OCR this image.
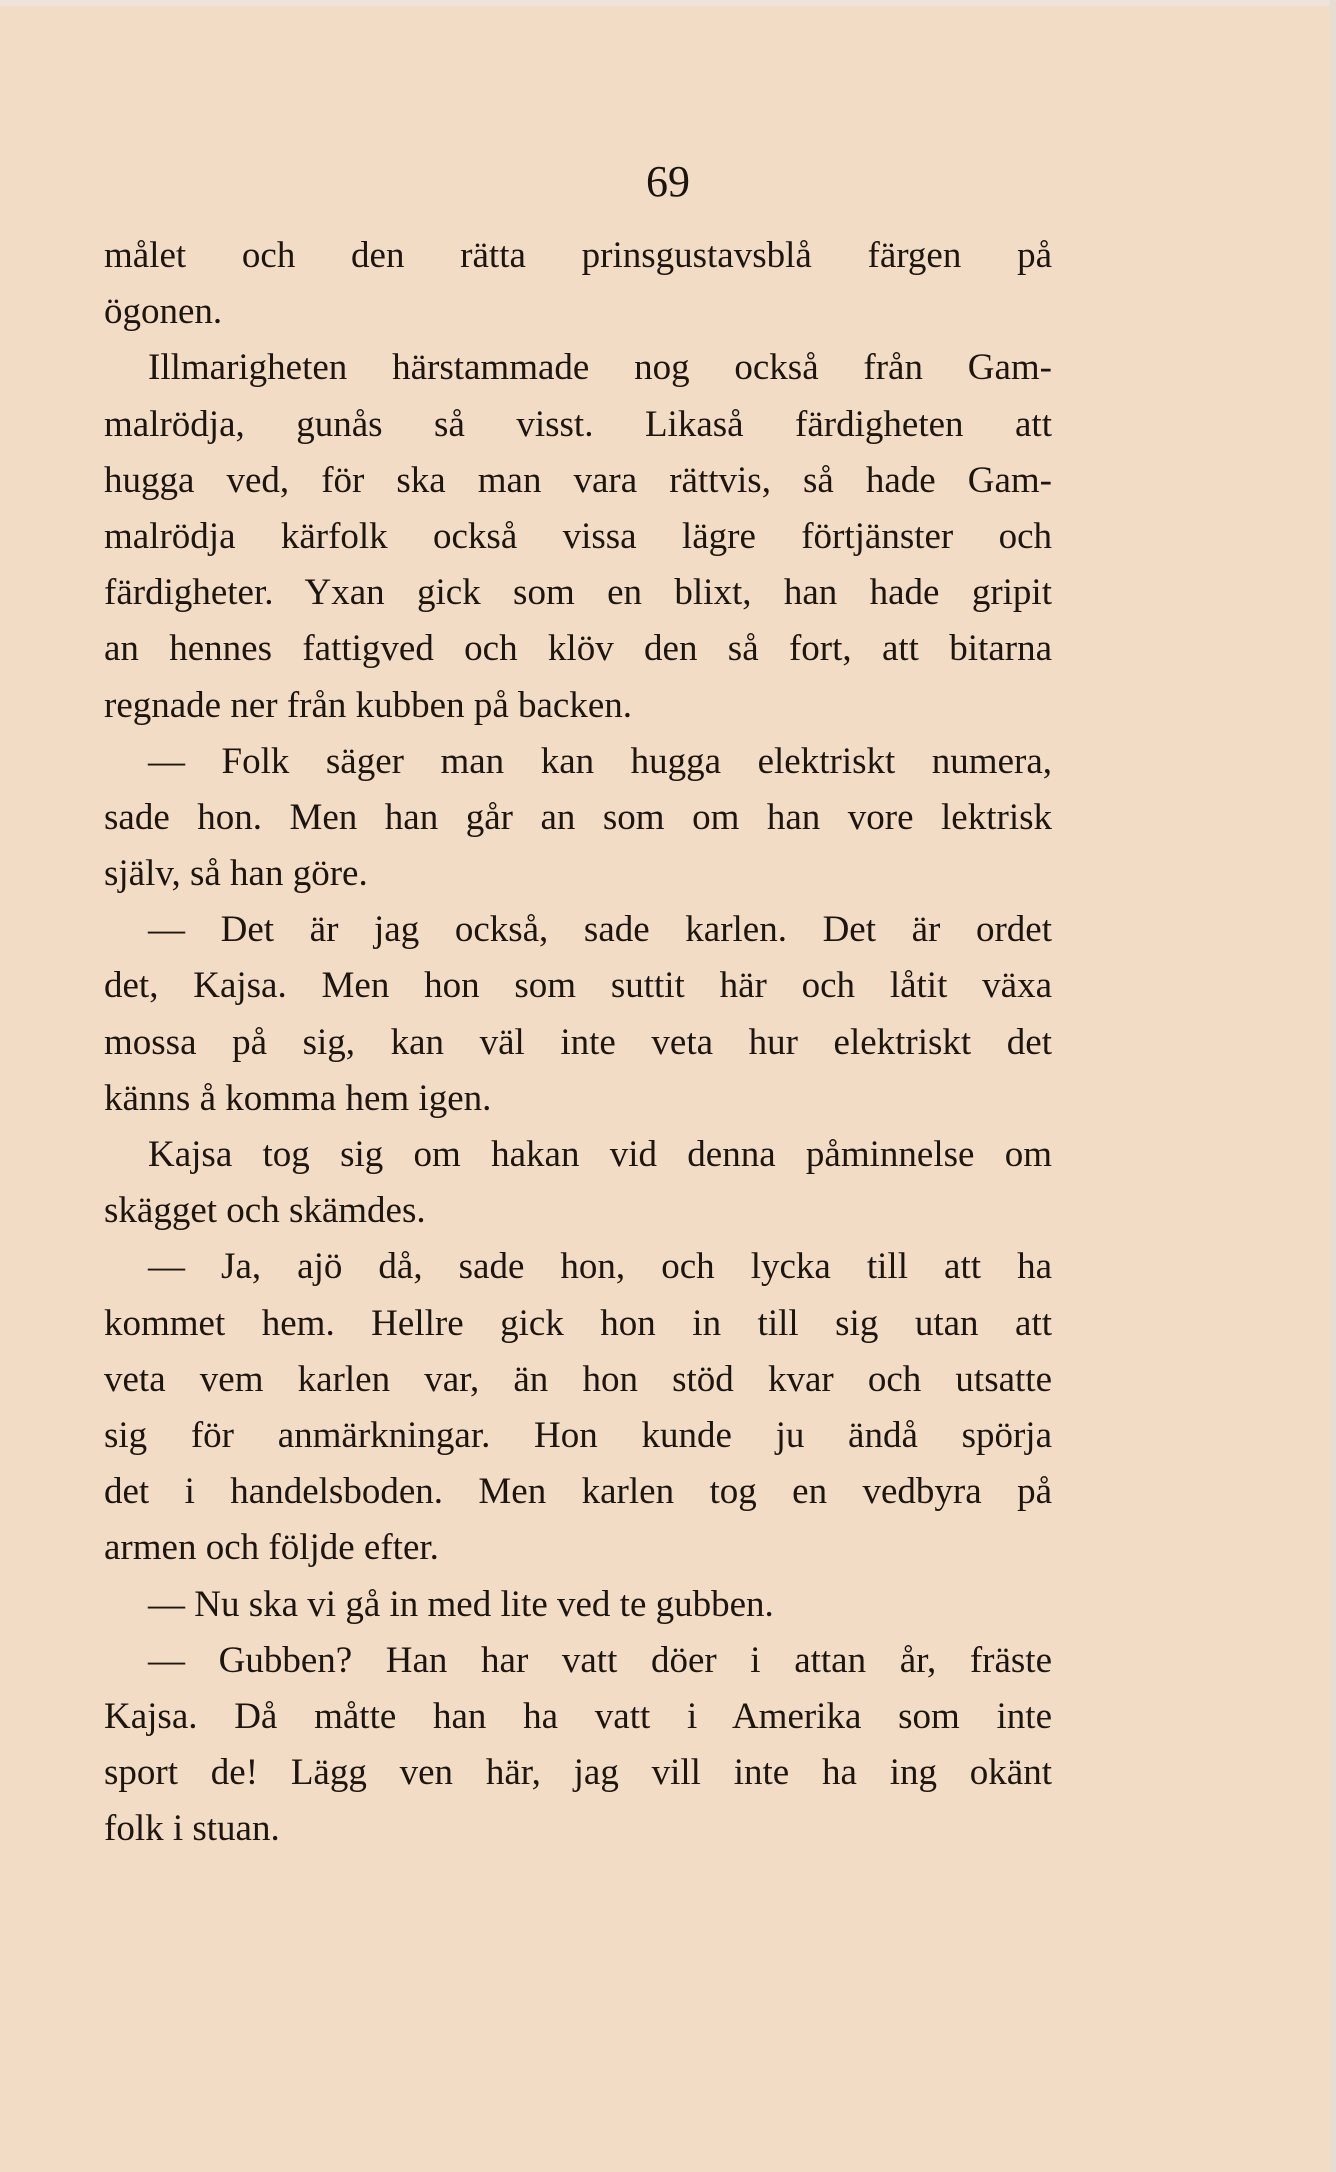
69
målet och den rätta prinsgustavsblå färgen på
ögonen.
Illmarigheten härstammade nog också från Gam-
malrödja, gunås så visst. Likaså färdigheten att
hugga ved, för ska man vara rättvis, så hade Gam-
malrödja kärfolk också vissa lägre förtjänster och
färdigheter. Yxan gick som en blixt, han hade gripit
an hennes fattigved och klöv den så fort, att bitarna
regnade ner från kubben på backen.
— Folk säger man kan hugga elektriskt numera,
sade hon. Men han går an som om han vore lektrisk
själv, så han göre.
— Det är jag också, sade karlen. Det är ordet
det, Kajsa. Men hon som suttit här och låtit växa
mossa på sig, kan väl inte veta hur elektriskt det
känns å komma hem igen.
Kajsa tog sig om hakan vid denna påminnelse om
skägget och skämdes.
— Ja, ajö då, sade hon, och lycka till att ha
kommet hem. Hellre gick hon in till sig utan att
veta vem karlen var, än hon stöd kvar och utsatte
sig för anmärkningar. Hon kunde ju ändå spörja
det i handelsboden. Men karlen tog en vedbyra på
armen och följde efter.
— Nu ska vi gå in med lite ved te gubben.
— Gubben? Han har vatt döer i attan år, fräste
Kajsa. Då måtte han ha vatt i Amerika som inte
sport de! Lägg ven här, jag vill inte ha ing okänt
folk i stuan.
